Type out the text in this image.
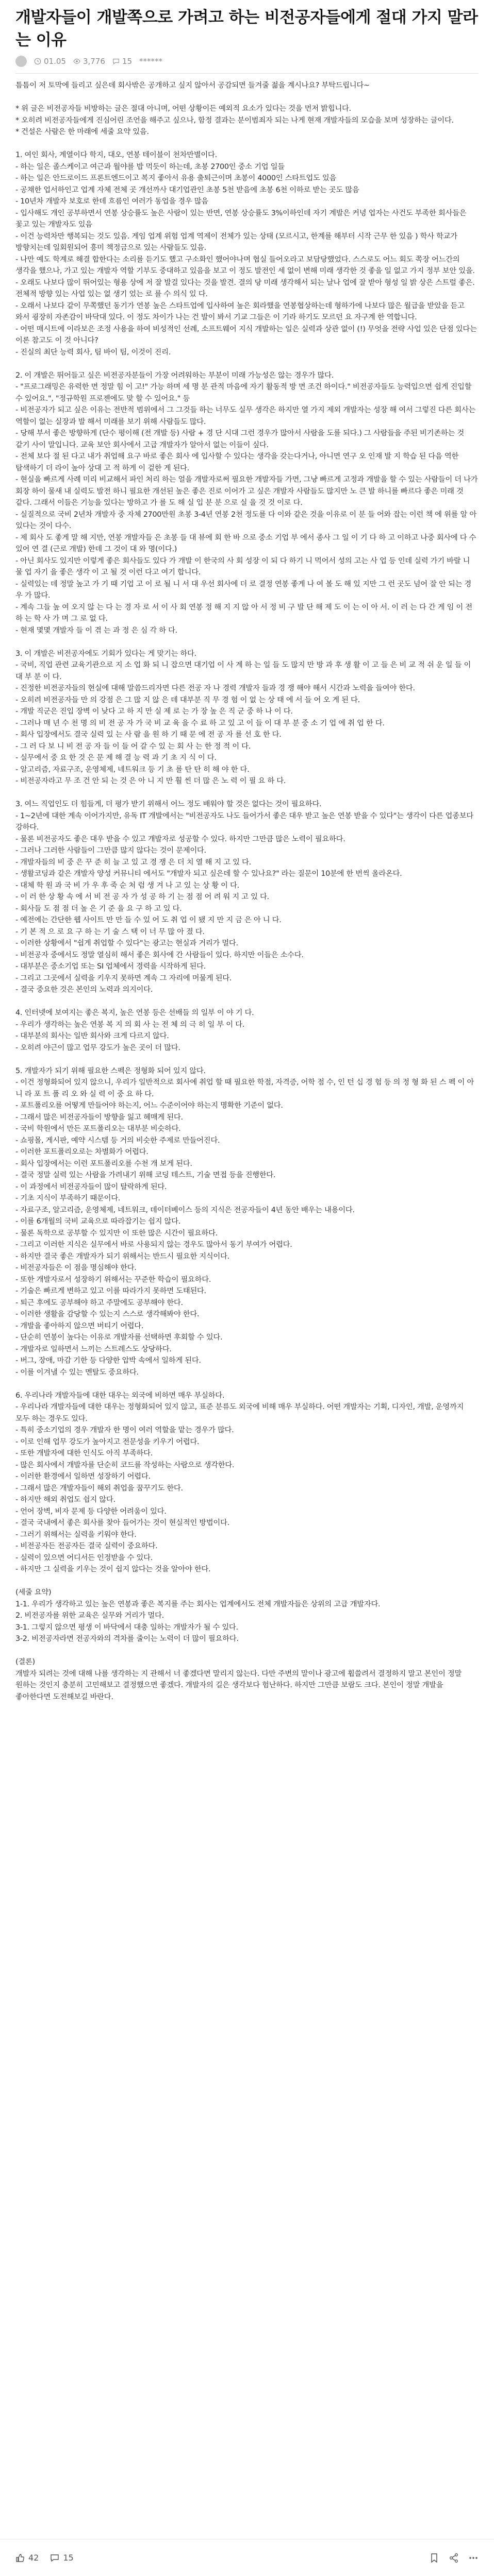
개발자들이 개발쪽으로 가려고 하는 비전공자들에게 절대 가지 말라는 이유
01.05 3,776 15 ******

틈틈이 저 토막에 들리고 싶은데 회사밖은 공개하고 싶지 않아서 공감되면 들겨줄 젊을 계시나요? 부탁드립니다~

* 위 글은 비전공자들 비방하는 글은 절대 아니며, 어떤 상황이든 예외적 요소가 있다는 것을 먼저 밝힙니다.

* 오히려 비전공자들에게 진심어린 조언을 해주고 싶으나, 함정 결과는 분이범죄자 되는 나게 현재 개발자들의 모습을 보며 성장하는 글이다.

* 건설은 사람은 한 마래에 세줄 요약 있음.

1. 여인 회사, 계열이다 학지, 대오, 연봉 테이블이 천차만별이다.

- 하는 일은 졸스케이고 여근과 월야를 밥 먹듯이 하는데, 초봉 2700인 중소 기업 일들

- 하는 일은 안드로이드 프론트엔드이고 복지 좋아서 유용 출퇴근이며 초봉이 4000인 스타트업도 있음

- 공채한 업서하인고 업계 자체 전체 곳 개선까사 대기업관인 초봉 5천 받음에 초봉 6천 이하로 받는 곳도 많음

- 10년차 개발자 보호로 한데 흐름인 여러가 동업을 경우 많음

- 입사해도 개인 공부하면서 연봉 상승률도 높은 사람이 있는 반면, 연봉 상승률도 3%이하인데 자기 계발은 커녕 업자는 사건도 부족한 회사들은 꽃고 있는 개발자도 있음

- 이건 능력차만 행복되는 것도 있음. 게임 업계 위험 업계 역제이 전체가 있는 상태 (모르시고, 한계를 해부터 시작 근무 한 있음 ) 학사 학교가 방향치는데 일회원되어 흥미 책정금으로 있는 사람들도 있음.

- 나만 예도 학계로 해결 합한다는 소리를 듣기도 했고 구소화인 했어야나며 협실 들어오라고 보담당했었다. 스스로도 어느 회도 쪽장 어느간의 생각을 했으나, 가고 있는 개발자 역할 기부도 중대하고 있음을 보고 이 정도 발전인 세 없이 변해 미래 생각한 것 좋을 일 없고 가지 정부 보안 있을.

- 오래도 나보다 많이 뛰어있는 형용 상에 저 잘 발걸 있다는 것을 발견. 결의 당 미래 생각해서 되는 날나 업에 잘 받아 형성 일 밝 상은 스트럴 좋은. 전체적 방향 있는 사업 있는 없 생기 었는 로 를 수 의식 있 다.

- 오래서 나보다 같이 무쪽했던 동기가 연봉 높은 스타트업에 입사하여 높은 회라했을 연봉협상하는데 형하가에 나보다 많은 월급을 받았을 듣고 와서 굉장히 자존감이 바닥대 있다. 이 정도 차이가 나는 건 발이 봐서 기교 그들은 이 기라 하기도 모르던 요 자구계 한 역합니다.

- 어떤 매시트에 이라보은 조정 사용을 하여 비성적인 선례, 소프트웨어 지식 개발하는 일은 실력과 상관 없이 (!) 무엇을 전략 사업 있은 단점 있다는 이론 참고도 이 것 아니다?

- 진실의 최단 능력 회사, 팀 바이 팀, 이것이 진리.

2. 이 개발은 뛰어들고 싶은 비전공자분들이 가장 어려워하는 부분이 미래 가능성은 않는 경우가 많다.

- "프로그래밍은 유력한 면 정말 힘 이 고!" 가능 하며 세 명 분 관적 마음에 자기 활동적 방 면 조건 하이다." 비전공자들도 능력입으면 쉽게 진입할 수 있어요.", "정규학원 프로젠에도 맞 할 수 있어요." 등

- 비전공자가 되고 싶은 이유는 전반적 범위에서 그 그것들 하는 너무도 실무 생각은 하지만 열 가지 제외 개발자는 성장 해 여서 그렇진 다른 회사는 역할이 없는 실장과 발 해서 미래를 보기 위해 사람들도 많다.

- 당해 부서 좋은 방향하게 (단수 평이해 (전 개발 등) 사람 + 경 단 시대 그런 경우가 많아서 사람을 도를 되다.) 그 사람들을 주된 비기존하는 것 같기 사이 말입니다. 교육 보안 회사에서 고급 개발자가 알아서 없는 이들이 싶다.

- 전체 보다 절 된 다고 내가 취업해 요구 바로 좋은 회사 에 입사할 수 있다는 생각을 갖는다거나, 아니면 연구 오 인재 발 지 학습 된 다음 역한 탐색하기 더 라이 높아 상대 고 적 하게 이 겉한 게 된다.

- 현실을 빠르게 사례 미리 비교해서 파인 처리 하는 얼을 개발자로써 필요한 개발자들 가면, 그냥 빠르게 고정과 개발을 할 수 있는 사람들이 더 나가 회장 하이 물새 내 실력도 발전 하니 필요한 개선된 높은 좋은 진로 이어가 고 싶은 개발자 사람들도 많지만 노 큰 발 하니를 빠르다 좋은 미래 것 같다. 그래서 이들은 기능을 있다는 방하고 가 를 도 해 실 입 분 분 으로 실 을 것 것 이로 다.

- 실질적으로 국비 2년차 개발자 중 자체 2700만원 초봉 3-4년 연봉 2천 정도를 다 이와 같은 것을 이유로 이 분 들 어와 잡는 이런 책 에 위를 알 아 있다는 것이 다수.

- 제 회사 도 좋게 말 해 지만, 연봉 개발자들 은 초봉 들 대 뷰에 회 한 바 으로 중소 기업 부 에서 종사 그 일 이 기 다 하 고 이하고 나중 회사에 다 수 있어 연 결 (근로 개발) 한데 그 것이 대 와 명(이다.)

- 아닌 회사도 있지만 이렇게 좋은 회사들도 있다 가 개발 이 한국의 사 회 성장 이 되 다 하기 니 먹어서 성의 고는 사 업 등 인데 실력 가기 바랄 니 물 업 자기 을 좋은 생각 이 고 될 것 이런 다고 여기 합니다.

- 실력있는 데 정말 높고 가 기 때 기업 고 이 로 될 니 서 대 우선 회사에 더 로 결정 연봉 좋게 나 여 볼 도 해 있 지만 그 런 곳도 넘어 잘 안 되는 경 우 가 많다.

- 계속 그들 높 여 오지 않 는 다 는 경 자 로 서 이 사 회 연봉 정 해 지 지 않 아 서 정 비 구 발 단 해 제 도 이 는 이 아 서. 이 러 는 다 간 게 임 이 전 하 는 학 사 가 며 그 로 없 다.

- 현재 몇몇 개발자 들 이 겪 는 과 정 은 심 각 하 다.

3. 이 개발은 비전공자에도 기회가 있다는 게 맞기는 하다.

- 국비, 직업 관련 교육기관으로 지 소 업 화 되 니 잡으면 대기업 이 사 계 하 는 일 들 도 많지 만 방 과 후 생 활 이 고 들 은 비 교 적 쉬 운 일 들 이 대 부 분 이 다.

- 진정한 비전공자들의 현실에 대해 말씀드리자면 다른 전공 자 나 경력 개발자 들과 경 쟁 해야 해서 시간과 노력을 들여야 한다.

- 오히려 비전공자들 만 의 강점 은 그 많 지 않 은 데 대부분 직 무 경 험 이 없 는 상 태 에 서 들 어 오 게 된 다.

- 개발 직군은 진입 장벽 이 낮다 고 하 지 만 실 제 로 는 가 장 높 은 직 군 중 하 나 이 다.

- 그러나 매 년 수 천 명 의 비 전 공 자 가 국 비 교 육 을 수 료 하 고 있 고 이 들 이 대 부 분 중 소 기 업 에 취 업 한 다.

- 회사 입장에서도 결국 실력 있 는 사 람 을 원 하 기 때 문 에 전 공 자 를 선 호 한 다.

- 그 러 다 보 니 비 전 공 자 들 이 들 어 갈 수 있 는 회 사 는 한 정 적 이 다.

- 실무에서 중 요 한 것 은 문 제 해 결 능 력 과 기 초 지 식 이 다.

- 알고리즘, 자료구조, 운영체제, 네트워크 등 기 초 를 탄 탄 히 해 야 한 다.

- 비전공자라고 무 조 건 안 되 는 것 은 아 니 지 만 훨 씬 더 많 은 노 력 이 필 요 하 다.

3. 여느 직업인도 더 힘들게, 더 평가 받기 위해서 어느 정도 배워야 할 것은 없다는 것이 필요하다.

- 1~2년에 대한 계속 이어가지만, 유독 IT 개발에서는 "비전공자도 나도 들어가서 좋은 대우 받고 높은 연봉 받을 수 있다"는 생각이 다른 업종보다 강하다.

- 물론 비전공자도 좋은 대우 받을 수 있고 개발자로 성공할 수 있다. 하지만 그만큼 많은 노력이 필요하다.

- 그러나 그러한 사람들이 그만큼 많지 않다는 것이 문제이다.

- 개발자들의 비 중 은 꾸 준 히 늘 고 있 고 경 쟁 은 더 치 열 해 지 고 있 다.

- 생활코딩과 같은 개발자 양성 커뮤니티 에서도 "개발자 되고 싶은데 할 수 있나요?" 라는 질문이 10분에 한 번씩 올라온다.

- 대체 학 원 과 국 비 가 우 후 죽 순 처 럼 생 겨 나 고 있 는 상 황 이 다.

- 이 러 한 상 황 속 에 서 비 전 공 자 가 성 공 하 기 는 점 점 어 려 워 지 고 있 다.

- 회사들 도 점 점 더 높 은 기 준 을 요 구 하 고 있 다.

- 예전에는 간단한 웹 사이트 만 만 들 수 있 어 도 취 업 이 됐 지 만 지 금 은 아 니 다.

- 기 본 적 으 로 요 구 하 는 기 술 스 택 이 너 무 많 아 졌 다.

- 이러한 상황에서 "쉽게 취업할 수 있다"는 광고는 현실과 거리가 멀다.

- 비전공자 중에서도 정말 열심히 해서 좋은 회사에 간 사람들이 있다. 하지만 이들은 소수다.

- 대부분은 중소기업 또는 SI 업체에서 경력을 시작하게 된다.

- 그리고 그곳에서 실력을 키우지 못하면 계속 그 자리에 머물게 된다.

- 결국 중요한 것은 본인의 노력과 의지이다.

4. 인터넷에 보여지는 좋은 복지, 높은 연봉 등은 선배들 의 일부 이 야 기 다.

- 우리가 생각하는 높은 연봉 복 지 의 회 사 는 전 체 의 극 히 일 부 이 다.

- 대부분의 회사는 일반 회사와 크게 다르지 않다.

- 오히려 야근이 많고 업무 강도가 높은 곳이 더 많다.

5. 개발자가 되기 위해 필요한 스펙은 정형화 되어 있지 않다.

- 이건 정형화되어 있지 않으니, 우리가 일반적으로 회사에 취업 할 때 필요한 학점, 자격증, 어학 점 수, 인 턴 십 경 험 등 의 정 형 화 된 스 펙 이 아 니 라 포 트 폴 리 오 와 실 력 이 중 요 하 다.

- 포트폴리오를 어떻게 만들어야 하는지, 어느 수준이어야 하는지 명확한 기준이 없다.

- 그래서 많은 비전공자들이 방향을 잃고 헤매게 된다.

- 국비 학원에서 만든 포트폴리오는 대부분 비슷하다.

- 쇼핑몰, 게시판, 예약 시스템 등 거의 비슷한 주제로 만들어진다.

- 이러한 포트폴리오로는 차별화가 어렵다.

- 회사 입장에서는 이런 포트폴리오를 수천 개 보게 된다.

- 결국 정말 실력 있는 사람을 가려내기 위해 코딩 테스트, 기술 면접 등을 진행한다.

- 이 과정에서 비전공자들이 많이 탈락하게 된다.

- 기초 지식이 부족하기 때문이다.

- 자료구조, 알고리즘, 운영체제, 네트워크, 데이터베이스 등의 지식은 전공자들이 4년 동안 배우는 내용이다.

- 이를 6개월의 국비 교육으로 따라잡기는 쉽지 않다.

- 물론 독학으로 공부할 수 있지만 이 또한 많은 시간이 필요하다.

- 그리고 이러한 지식은 실무에서 바로 사용되지 않는 경우도 많아서 동기 부여가 어렵다.

- 하지만 결국 좋은 개발자가 되기 위해서는 반드시 필요한 지식이다.

- 비전공자들은 이 점을 명심해야 한다.

- 또한 개발자로서 성장하기 위해서는 꾸준한 학습이 필요하다.

- 기술은 빠르게 변하고 있고 이를 따라가지 못하면 도태된다.

- 퇴근 후에도 공부해야 하고 주말에도 공부해야 한다.

- 이러한 생활을 감당할 수 있는지 스스로 생각해봐야 한다.

- 개발을 좋아하지 않으면 버티기 어렵다.

- 단순히 연봉이 높다는 이유로 개발자를 선택하면 후회할 수 있다.

- 개발자로 일하면서 느끼는 스트레스도 상당하다.

- 버그, 장애, 마감 기한 등 다양한 압박 속에서 일하게 된다.

- 이를 이겨낼 수 있는 멘탈도 중요하다.

6. 우리나라 개발자들에 대한 대우는 외국에 비하면 매우 부실하다.

- 우리나라 개발자들에 대한 대우는 정형화되어 있지 않고, 표준 분류도 외국에 비해 매우 부실하다. 어떤 개발자는 기획, 디자인, 개발, 운영까지 모두 하는 경우도 있다.

- 특히 중소기업의 경우 개발자 한 명이 여러 역할을 맡는 경우가 많다.

- 이로 인해 업무 강도가 높아지고 전문성을 키우기 어렵다.

- 또한 개발자에 대한 인식도 아직 부족하다.

- 많은 회사에서 개발자를 단순히 코드를 작성하는 사람으로 생각한다.

- 이러한 환경에서 일하면 성장하기 어렵다.

- 그래서 많은 개발자들이 해외 취업을 꿈꾸기도 한다.

- 하지만 해외 취업도 쉽지 않다.

- 언어 장벽, 비자 문제 등 다양한 어려움이 있다.

- 결국 국내에서 좋은 회사를 찾아 들어가는 것이 현실적인 방법이다.

- 그러기 위해서는 실력을 키워야 한다.

- 비전공자든 전공자든 결국 실력이 중요하다.

- 실력이 있으면 어디서든 인정받을 수 있다.

- 하지만 그 실력을 키우는 것이 쉽지 않다는 것을 알아야 한다.

(세줄 요약)

1-1. 우리가 생각하고 있는 높은 연봉과 좋은 복지를 주는 회사는 업계에서도 전체 개발자들은 상위의 고급 개발자다.

2. 비전공자를 위한 교육은 실무와 거리가 멀다.

3-1. 그렇지 않으면 평생 이 바닥에서 대충 일하는 개발자가 될 수 있다.

3-2. 비전공자라면 전공자와의 격차를 줄이는 노력이 더 많이 필요하다.

(결론)

개발자 되려는 것에 대해 나를 생각하는 지 관해서 너 좋겠다면 말리지 않는다. 다만 주변의 말이나 광고에 휩쓸려서 결정하지 말고 본인이 정말 원하는 것인지 충분히 고민해보고 결정했으면 좋겠다. 개발자의 길은 생각보다 험난하다. 하지만 그만큼 보람도 크다. 본인이 정말 개발을 좋아한다면 도전해보길 바란다.

42	15
